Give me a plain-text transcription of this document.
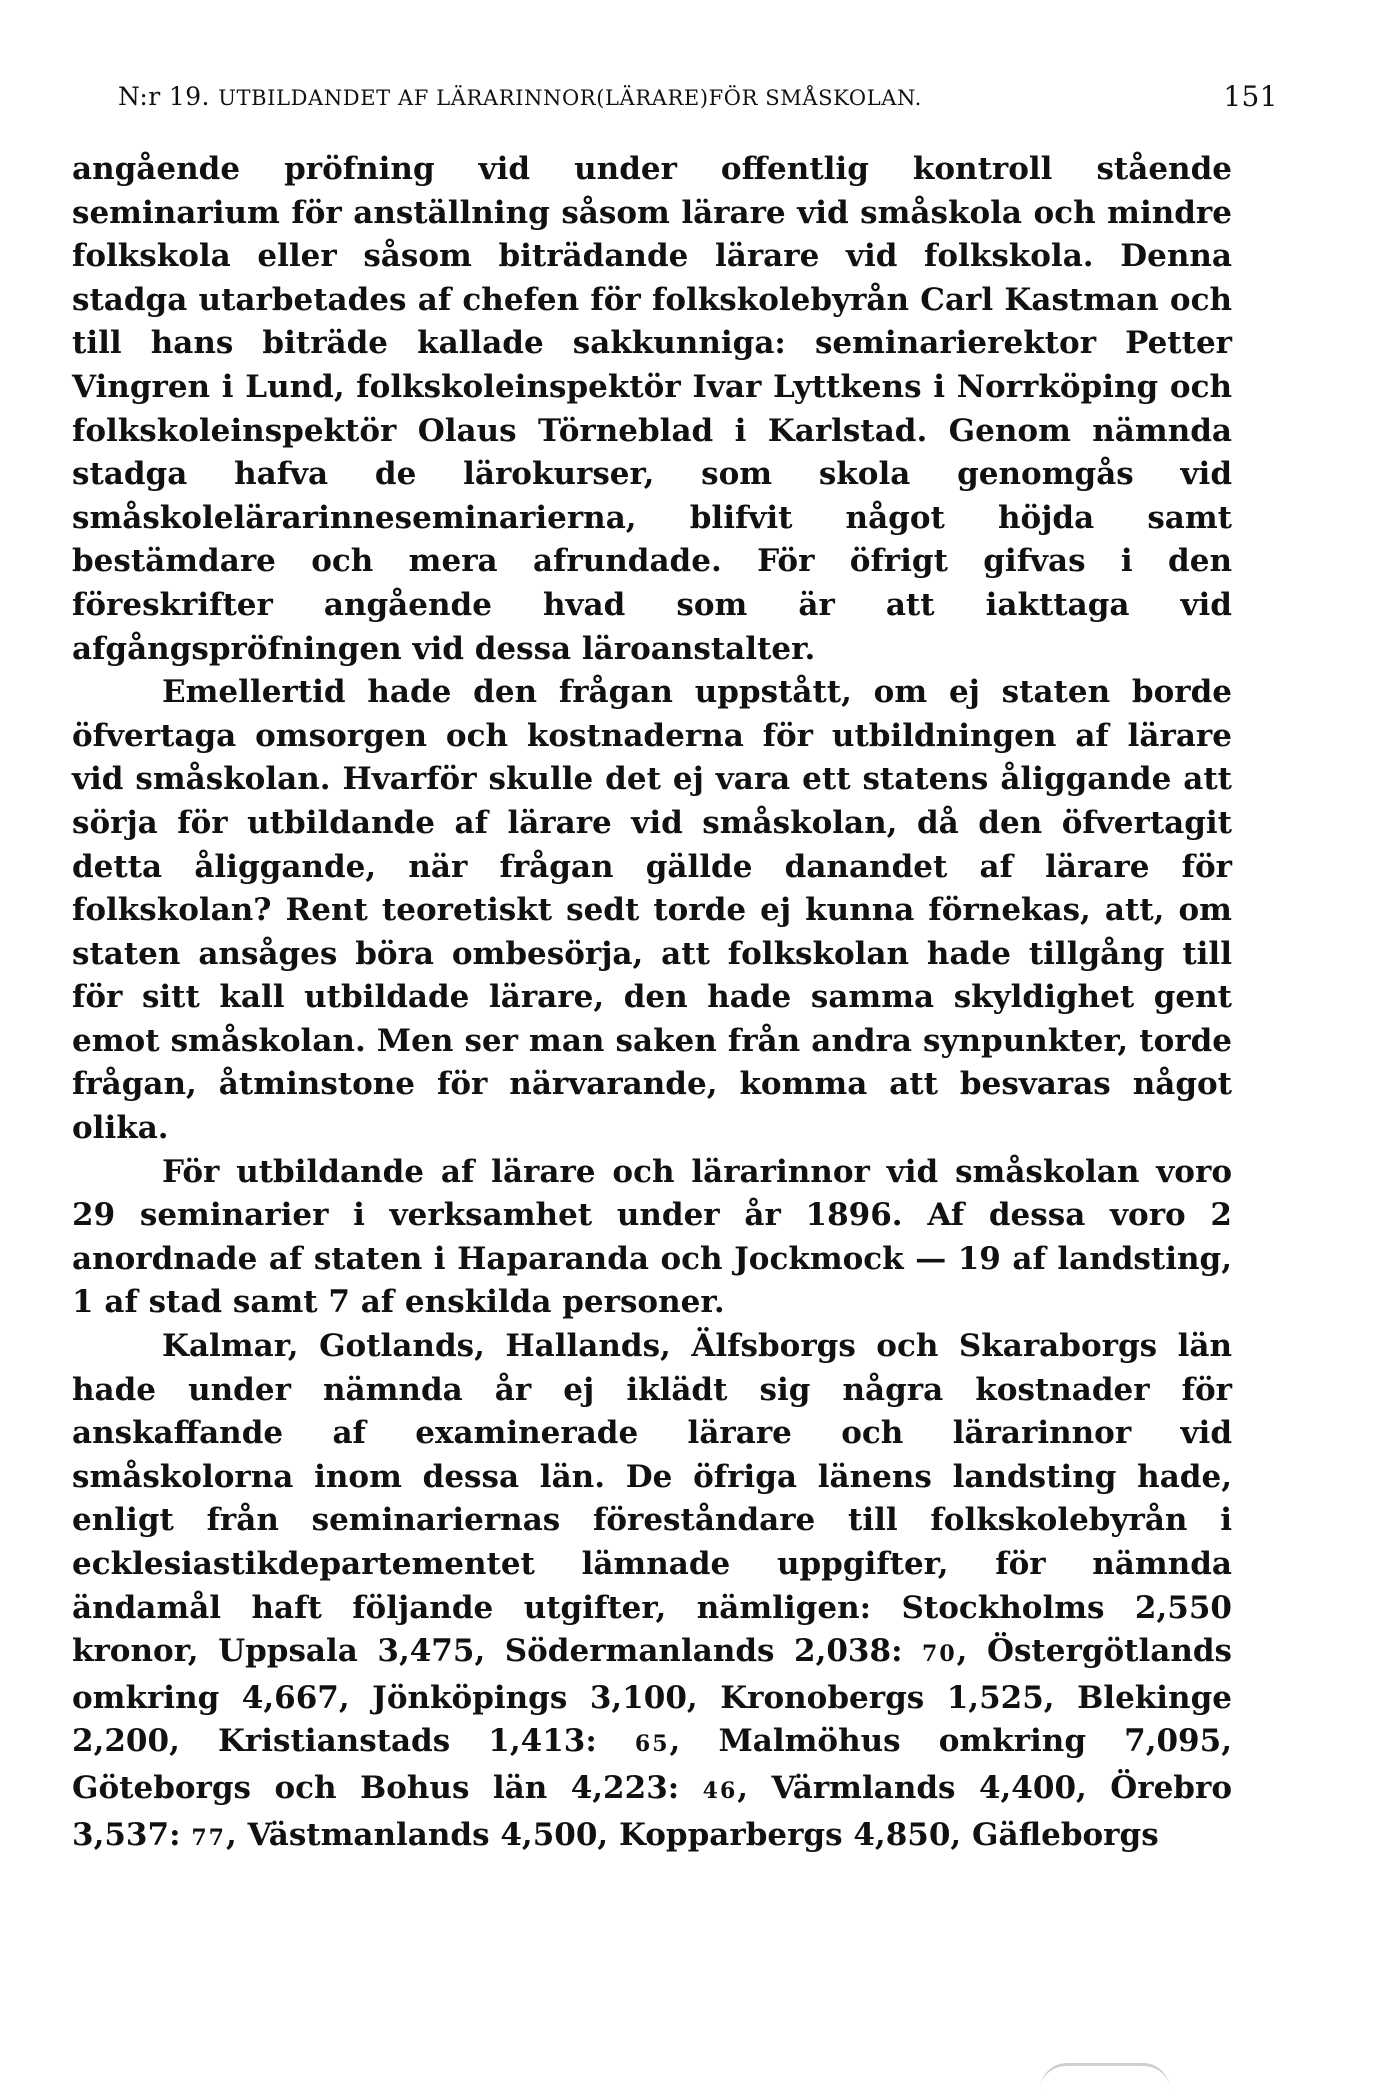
N:r 19. UTBILDANDET AF LÄRARINNOR(LÄRARE)FÖR SMÅSKOLAN.	151

angående pröfning vid under offentlig kontroll stående seminarium för anställning såsom lärare vid småskola och mindre folkskola eller såsom biträdande lärare vid folkskola. Denna stadga utarbetades af chefen för folkskolebyrån Carl Kastman och till hans biträde kallade sakkunniga: seminarierektor Petter Vingren i Lund, folkskoleinspektör Ivar Lyttkens i Norrköping och folkskoleinspektör Olaus Törneblad i Karlstad. Genom nämnda stadga hafva de lärokurser, som skola genomgås vid småskolelärarinneseminarierna, blifvit något höjda samt bestämdare och mera afrundade. För öfrigt gifvas i den föreskrifter angående hvad som är att iakttaga vid afgångspröfningen vid dessa läroanstalter.

Emellertid hade den frågan uppstått, om ej staten borde öfvertaga omsorgen och kostnaderna för utbildningen af lärare vid småskolan. Hvarför skulle det ej vara ett statens åliggande att sörja för utbildande af lärare vid småskolan, då den öfvertagit detta åliggande, när frågan gällde danandet af lärare för folkskolan? Rent teoretiskt sedt torde ej kunna förnekas, att, om staten ansåges böra ombesörja, att folkskolan hade tillgång till för sitt kall utbildade lärare, den hade samma skyldighet gent emot småskolan. Men ser man saken från andra synpunkter, torde frågan, åtminstone för närvarande, komma att besvaras något olika.

För utbildande af lärare och lärarinnor vid småskolan voro 29 seminarier i verksamhet under år 1896. Af dessa voro 2 anordnade af staten i Haparanda och Jockmock — 19 af landsting, 1 af stad samt 7 af enskilda personer.

Kalmar, Gotlands, Hallands, Älfsborgs och Skaraborgs län hade under nämnda år ej iklädt sig några kostnader för anskaffande af examinerade lärare och lärarinnor vid småskolorna inom dessa län. De öfriga länens landsting hade, enligt från seminariernas föreståndare till folkskolebyrån i ecklesiastikdepartementet lämnade uppgifter, för nämnda ändamål haft följande utgifter, nämligen: Stockholms 2,550 kronor, Uppsala 3,475, Södermanlands 2,038: 70, Östergötlands omkring 4,667, Jönköpings 3,100, Kronobergs 1,525, Blekinge 2,200, Kristianstads 1,413: 65, Malmöhus omkring 7,095, Göteborgs och Bohus län 4,223: 46, Värmlands 4,400, Örebro 3,537: 77, Västmanlands 4,500, Kopparbergs 4,850, Gäfleborgs
